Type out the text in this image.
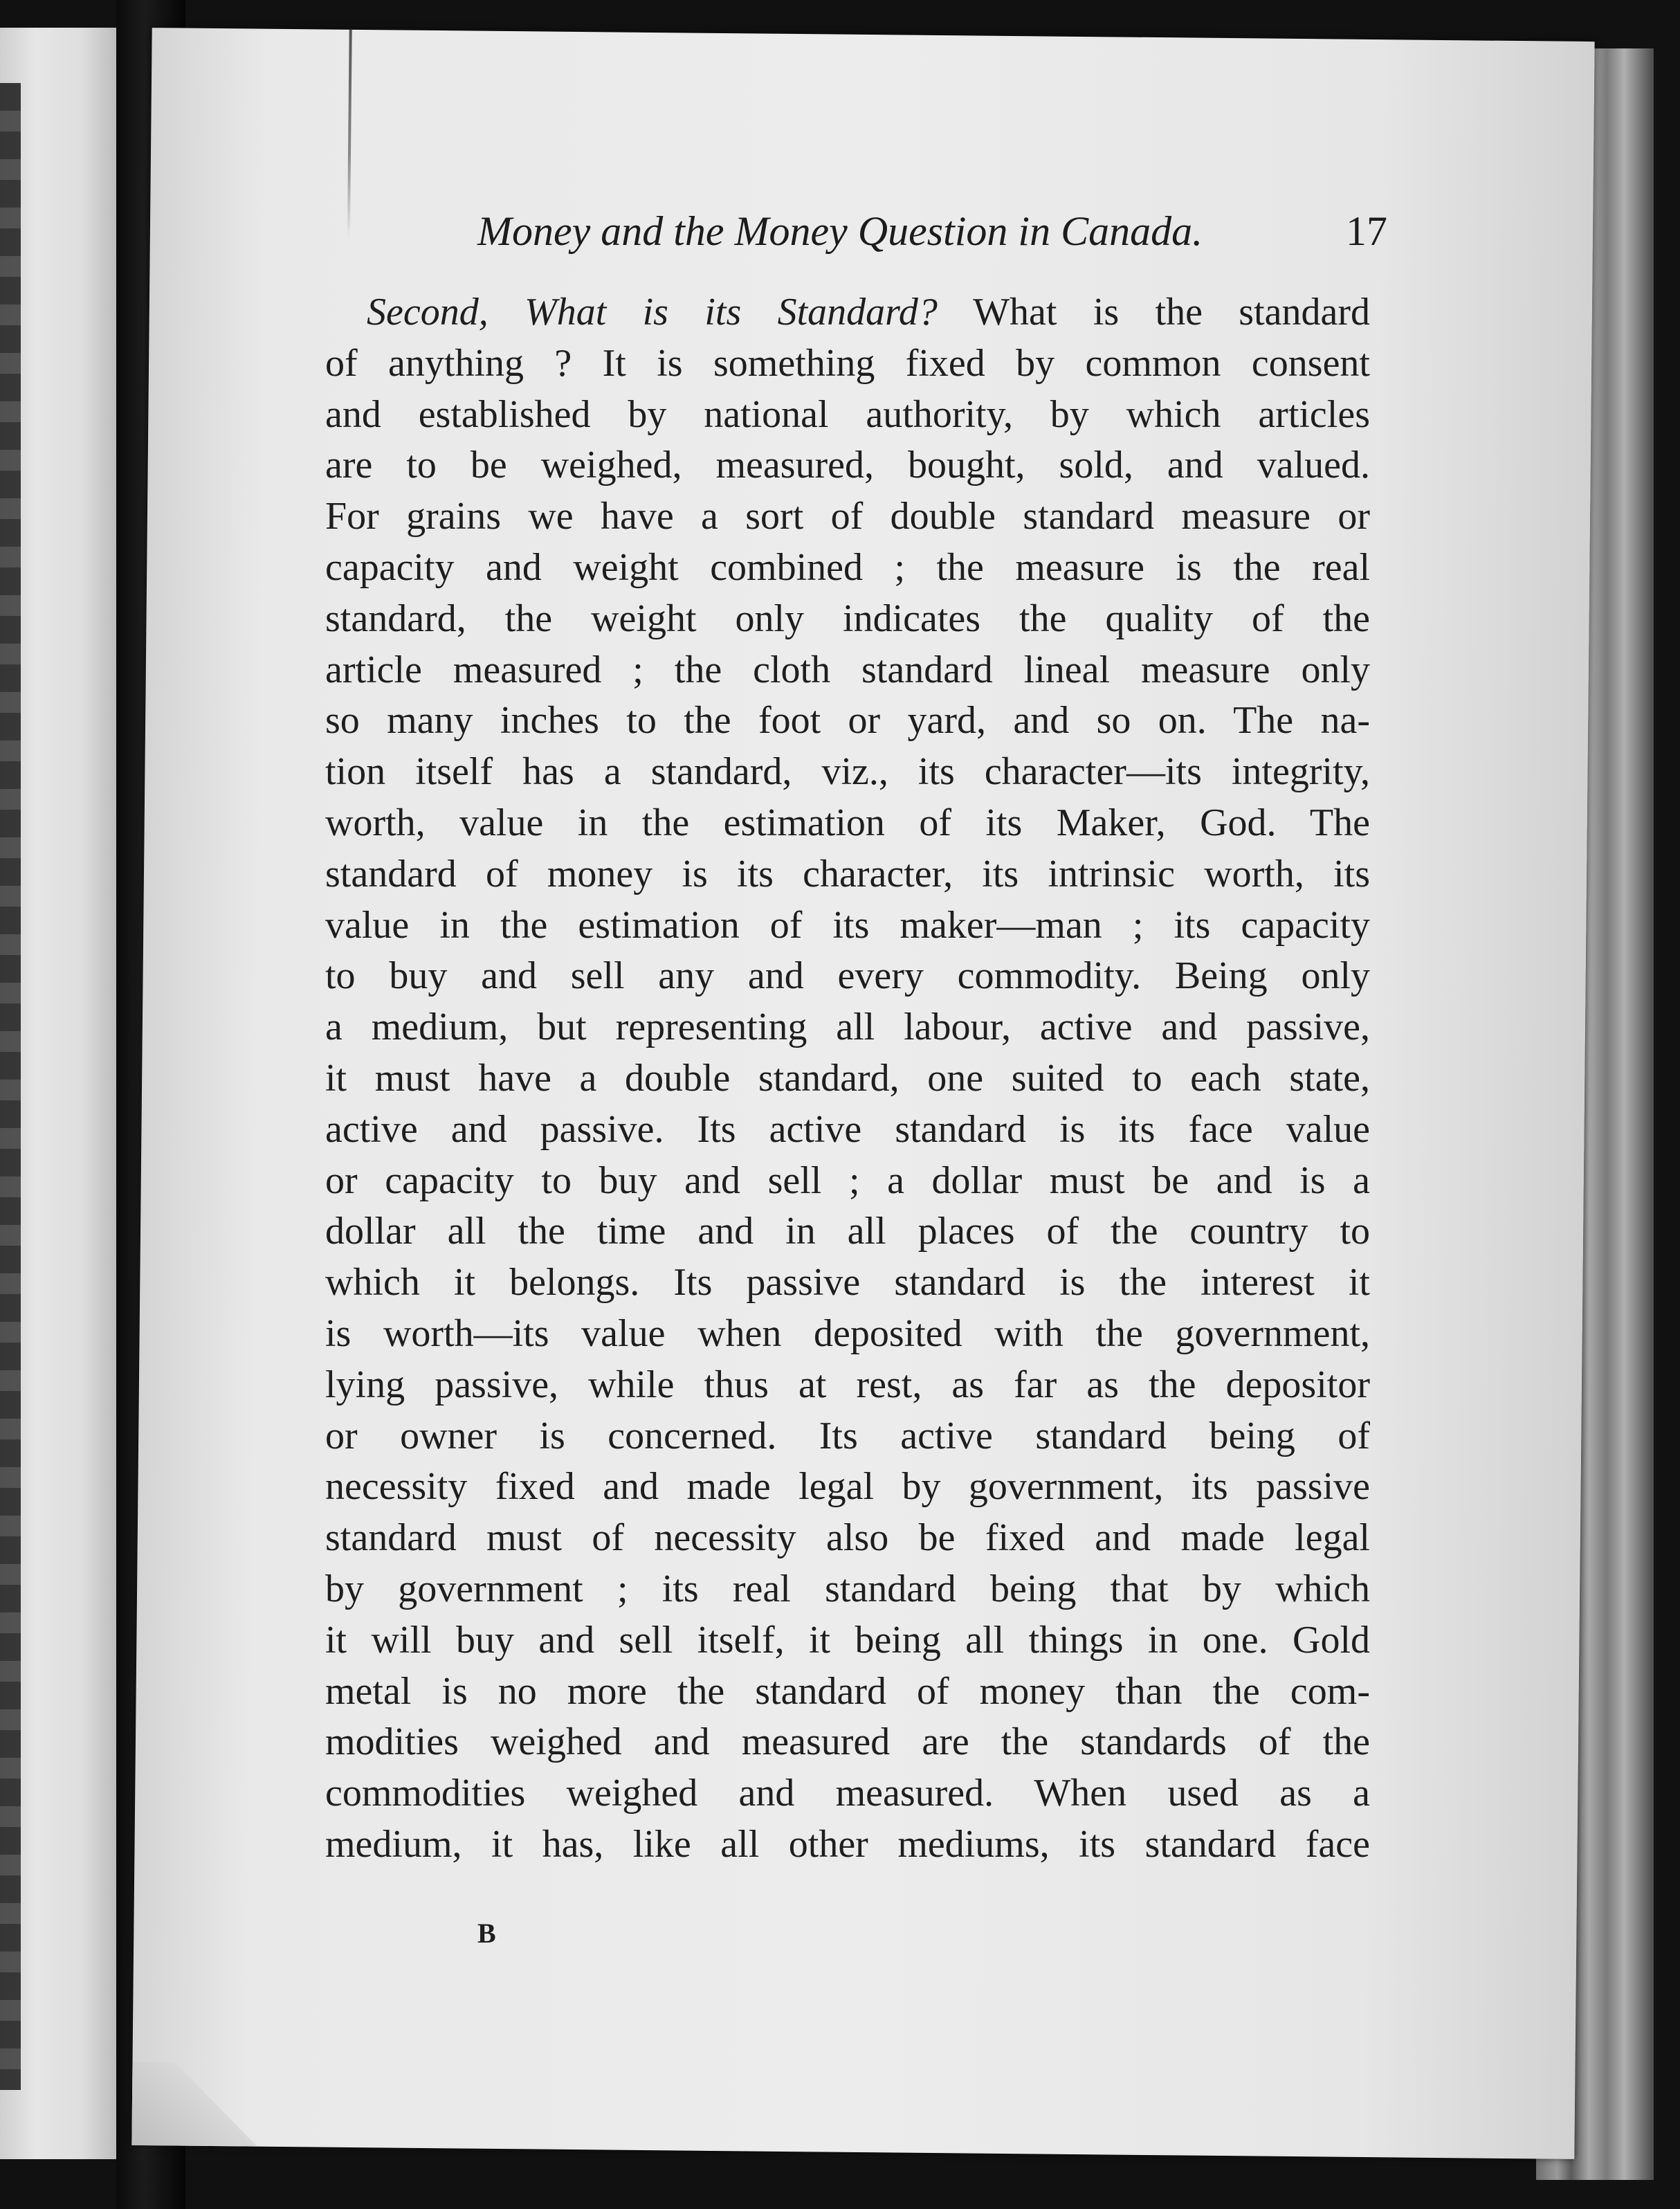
Money and the Money Question in Canada.	17
Second, What is its Standard? What is the standard
of anything ? It is something fixed by common consent
and established by national authority, by which articles
are to be weighed, measured, bought, sold, and valued.
For grains we have a sort of double standard measure or
capacity and weight combined ; the measure is the real
standard, the weight only indicates the quality of the
article measured ; the cloth standard lineal measure only
so many inches to the foot or yard, and so on. The na-
tion itself has a standard, viz., its character—its integrity,
worth, value in the estimation of its Maker, God. The
standard of money is its character, its intrinsic worth, its
value in the estimation of its maker—man ; its capacity
to buy and sell any and every commodity. Being only
a medium, but representing all labour, active and passive,
it must have a double standard, one suited to each state,
active and passive. Its active standard is its face value
or capacity to buy and sell ; a dollar must be and is a
dollar all the time and in all places of the country to
which it belongs. Its passive standard is the interest it
is worth—its value when deposited with the government,
lying passive, while thus at rest, as far as the depositor
or owner is concerned. Its active standard being of
necessity fixed and made legal by government, its passive
standard must of necessity also be fixed and made legal
by government ; its real standard being that by which
it will buy and sell itself, it being all things in one. Gold
metal is no more the standard of money than the com-
modities weighed and measured are the standards of the
commodities weighed and measured. When used as a
medium, it has, like all other mediums, its standard face
B
